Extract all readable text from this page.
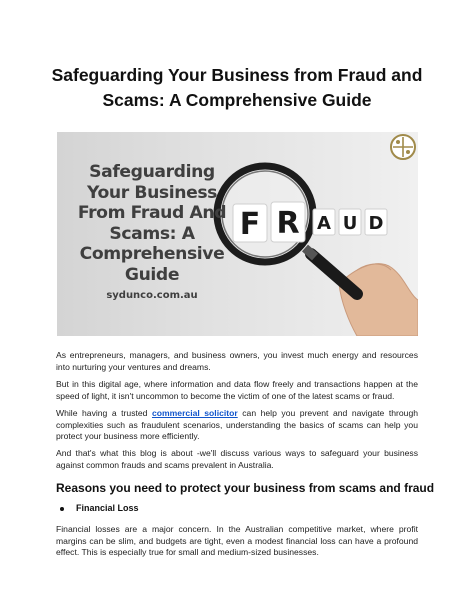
Safeguarding Your Business from Fraud and Scams: A Comprehensive Guide
F R A U D
Safeguarding
Your Business
From Fraud And
Scams: A
Comprehensive
Guide
sydunco.com.au

As entrepreneurs, managers, and business owners, you invest much energy and resources into nurturing your ventures and dreams.

But in this digital age, where information and data flow freely and transactions happen at the speed of light, it isn't uncommon to become the victim of one of the latest scams or fraud.

While having a trusted commercial solicitor can help you prevent and navigate through complexities such as fraudulent scenarios, understanding the basics of scams can help you protect your business more efficiently.

And that's what this blog is about -we'll discuss various ways to safeguard your business against common frauds and scams prevalent in Australia.

Reasons you need to protect your business from scams and fraud
Financial Loss

Financial losses are a major concern. In the Australian competitive market, where profit margins can be slim, and budgets are tight, even a modest financial loss can have a profound effect. This is especially true for small and medium-sized businesses.
